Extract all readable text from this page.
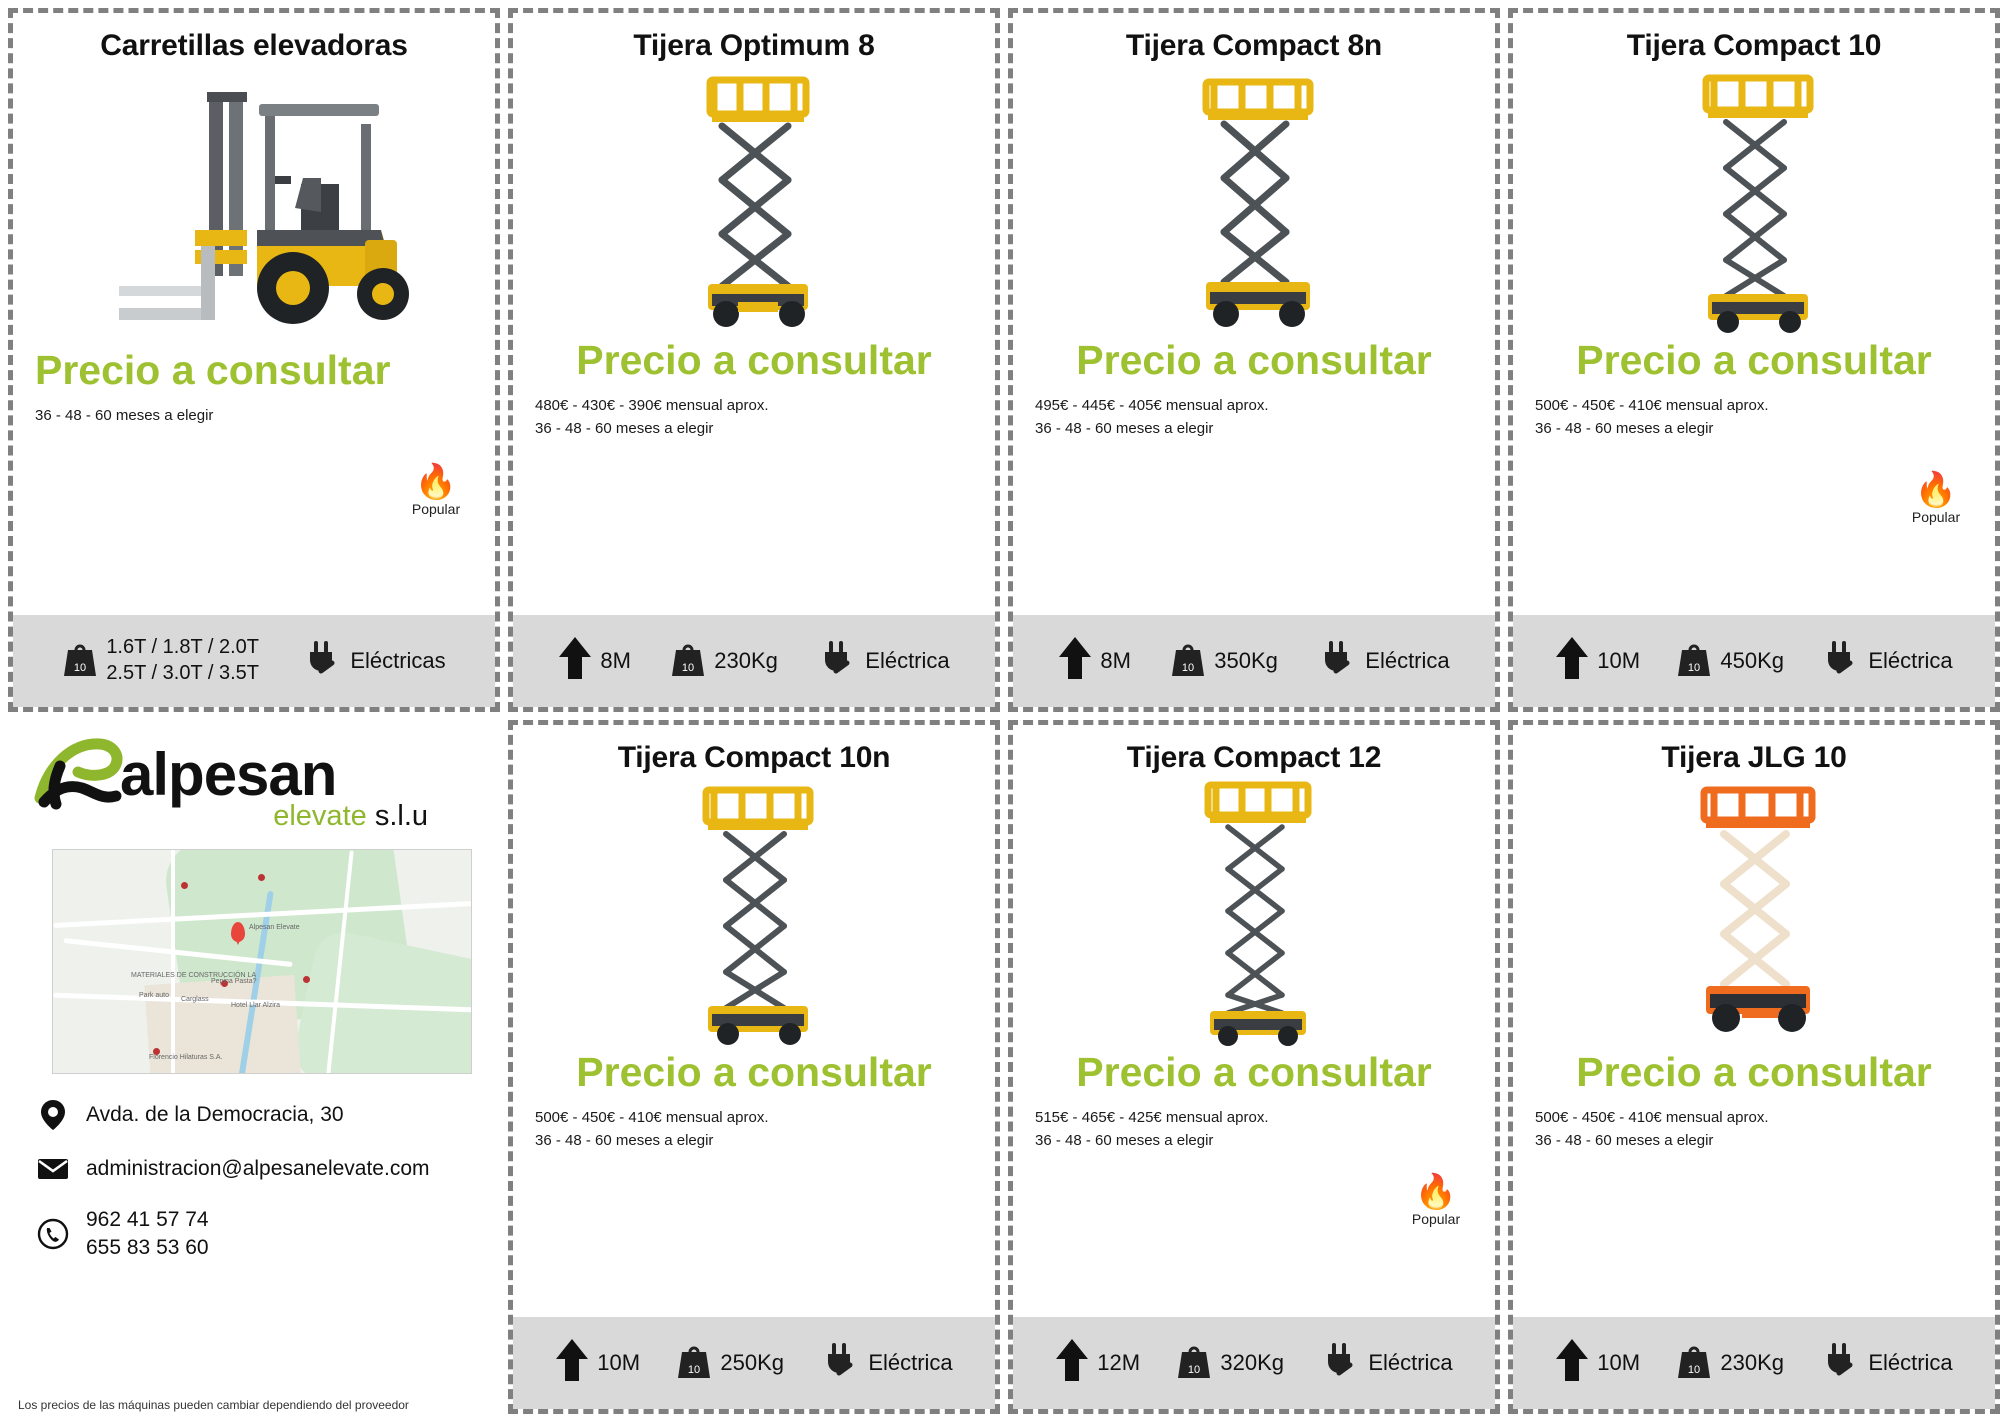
Carretillas elevadoras
Precio a consultar
36 - 48 - 60 meses a elegir
🔥
Popular
10
1.6T / 1.8T / 2.0T
2.5T / 3.0T / 3.5T	Eléctricas
Tijera Optimum 8
Precio a consultar
480€ - 430€ - 390€ mensual aprox.
36 - 48 - 60 meses a elegir
8M	10 230Kg	Eléctrica
Tijera Compact 8n
Precio a consultar
495€ - 445€ - 405€ mensual aprox.
36 - 48 - 60 meses a elegir
8M	10 350Kg	Eléctrica
Tijera Compact 10
Precio a consultar
500€ - 450€ - 410€ mensual aprox.
36 - 48 - 60 meses a elegir
🔥
Popular
10M	10 450Kg	Eléctrica
alpesan
elevate s.l.u
Alpesan Elevate
MATERIALES DE CONSTRUCCIÓN LA
Pepina Pasta?
Carglass
Park auto
Hotel Llar Alzira
Florencio Hilaturas S.A.
Avda. de la Democracia, 30
administracion@alpesanelevate.com
962 41 57 74
655 83 53 60
Los precios de las máquinas pueden cambiar dependiendo del proveedor
Tijera Compact 10n
Precio a consultar
500€ - 450€ - 410€ mensual aprox.
36 - 48 - 60 meses a elegir
10M	10 250Kg	Eléctrica
Tijera Compact 12
Precio a consultar
515€ - 465€ - 425€ mensual aprox.
36 - 48 - 60 meses a elegir
🔥
Popular
12M	10 320Kg	Eléctrica
Tijera JLG 10
Precio a consultar
500€ - 450€ - 410€ mensual aprox.
36 - 48 - 60 meses a elegir
10M	10 230Kg	Eléctrica
